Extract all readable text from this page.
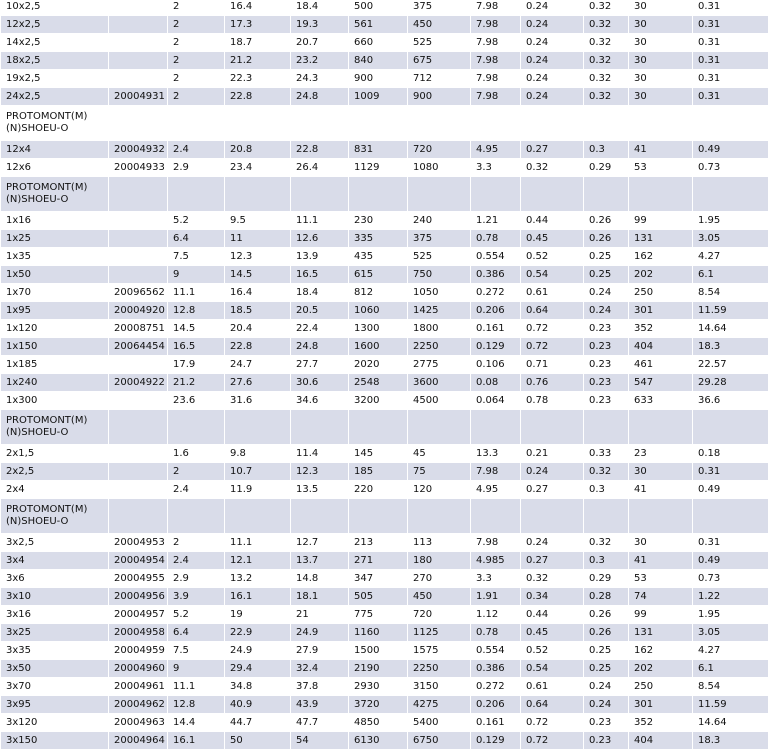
10x2,5		2	16.4	18.4	500	375	7.98	0.24	0.32	30	0.31
12x2,5		2	17.3	19.3	561	450	7.98	0.24	0.32	30	0.31
14x2,5		2	18.7	20.7	660	525	7.98	0.24	0.32	30	0.31
18x2,5		2	21.2	23.2	840	675	7.98	0.24	0.32	30	0.31
19x2,5		2	22.3	24.3	900	712	7.98	0.24	0.32	30	0.31
24x2,5	20004931	2	22.8	24.8	1009	900	7.98	0.24	0.32	30	0.31
PROTOMONT(M)
(N)SHOEU-O											
12x4	20004932	2.4	20.8	22.8	831	720	4.95	0.27	0.3	41	0.49
12x6	20004933	2.9	23.4	26.4	1129	1080	3.3	0.32	0.29	53	0.73
PROTOMONT(M)
(N)SHOEU-O											
1x16		5.2	9.5	11.1	230	240	1.21	0.44	0.26	99	1.95
1x25		6.4	11	12.6	335	375	0.78	0.45	0.26	131	3.05
1x35		7.5	12.3	13.9	435	525	0.554	0.52	0.25	162	4.27
1x50		9	14.5	16.5	615	750	0.386	0.54	0.25	202	6.1
1x70	20096562	11.1	16.4	18.4	812	1050	0.272	0.61	0.24	250	8.54
1x95	20004920	12.8	18.5	20.5	1060	1425	0.206	0.64	0.24	301	11.59
1x120	20008751	14.5	20.4	22.4	1300	1800	0.161	0.72	0.23	352	14.64
1x150	20064454	16.5	22.8	24.8	1600	2250	0.129	0.72	0.23	404	18.3
1x185		17.9	24.7	27.7	2020	2775	0.106	0.71	0.23	461	22.57
1x240	20004922	21.2	27.6	30.6	2548	3600	0.08	0.76	0.23	547	29.28
1x300		23.6	31.6	34.6	3200	4500	0.064	0.78	0.23	633	36.6
PROTOMONT(M)
(N)SHOEU-O											
2x1,5		1.6	9.8	11.4	145	45	13.3	0.21	0.33	23	0.18
2x2,5		2	10.7	12.3	185	75	7.98	0.24	0.32	30	0.31
2x4		2.4	11.9	13.5	220	120	4.95	0.27	0.3	41	0.49
PROTOMONT(M)
(N)SHOEU-O											
3x2,5	20004953	2	11.1	12.7	213	113	7.98	0.24	0.32	30	0.31
3x4	20004954	2.4	12.1	13.7	271	180	4.985	0.27	0.3	41	0.49
3x6	20004955	2.9	13.2	14.8	347	270	3.3	0.32	0.29	53	0.73
3x10	20004956	3.9	16.1	18.1	505	450	1.91	0.34	0.28	74	1.22
3x16	20004957	5.2	19	21	775	720	1.12	0.44	0.26	99	1.95
3x25	20004958	6.4	22.9	24.9	1160	1125	0.78	0.45	0.26	131	3.05
3x35	20004959	7.5	24.9	27.9	1500	1575	0.554	0.52	0.25	162	4.27
3x50	20004960	9	29.4	32.4	2190	2250	0.386	0.54	0.25	202	6.1
3x70	20004961	11.1	34.8	37.8	2930	3150	0.272	0.61	0.24	250	8.54
3x95	20004962	12.8	40.9	43.9	3720	4275	0.206	0.64	0.24	301	11.59
3x120	20004963	14.4	44.7	47.7	4850	5400	0.161	0.72	0.23	352	14.64
3x150	20004964	16.1	50	54	6130	6750	0.129	0.72	0.23	404	18.3
